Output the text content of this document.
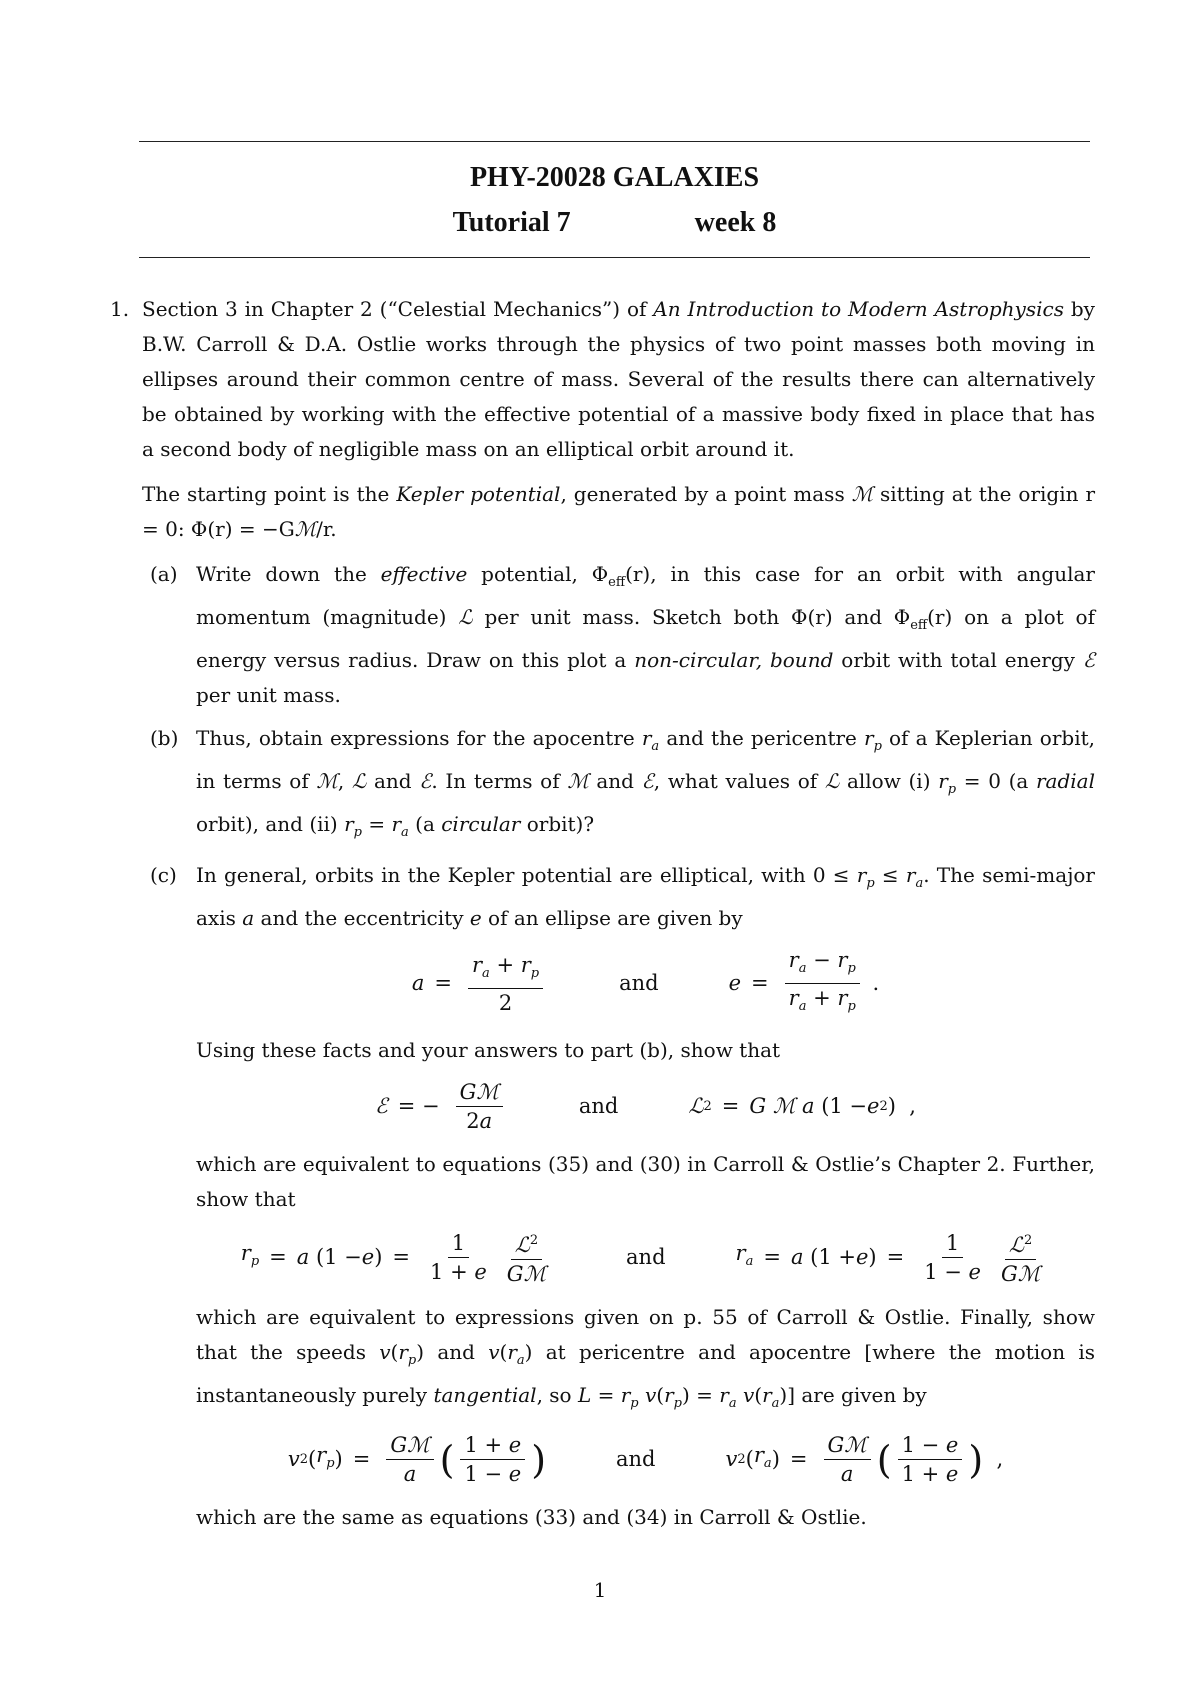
PHY-20028 GALAXIES
Tutorial 7	week 8
1. Section 3 in Chapter 2 (“Celestial Mechanics”) of An Introduction to Modern Astrophysics by B.W. Carroll & D.A. Ostlie works through the physics of two point masses both moving in ellipses around their common centre of mass. Several of the results there can alternatively be obtained by working with the effective potential of a massive body fixed in place that has a second body of negligible mass on an elliptical orbit around it.

The starting point is the Kepler potential, generated by a point mass ℳ sitting at the origin r = 0: Φ(r) = −Gℳ/r.

(a) Write down the effective potential, $\Phi_{eff}(r)$, in this case for an orbit with angular momentum (magnitude) ℒ per unit mass. Sketch both Φ(r) and $\Phi_{eff}(r)$ on a plot of energy versus radius. Draw on this plot a non-circular, bound orbit with total energy ℰ per unit mass.

(b) Thus, obtain expressions for the apocentre $r_a$ and the pericentre $r_p$ of a Keplerian orbit, in terms of ℳ, ℒ and ℰ. In terms of ℳ and ℰ, what values of ℒ allow (i) $r_p = 0$ (a radial orbit), and (ii) $r_p = r_a$ (a circular orbit)?

(c) In general, orbits in the Kepler potential are elliptical, with $0 \le r_p \le r_a$. The semi-major axis a and the eccentricity e of an ellipse are given by

$a = \frac{r_a + r_p}{2}$	and	$e = \frac{r_a - r_p}{r_a + r_p}$ .

Using these facts and your answers to part (b), show that

ℰ = − $\frac{\text{Gℳ}}{2a}$	and	ℒ 2 = G
ℳ
a (1 − e 2 )  ,

which are equivalent to equations (35) and (30) in Carroll & Ostlie’s Chapter 2. Further, show that

$r_p = a$ (1 − e ) = $\frac{1}{1 + e} \frac{ℒ^2}{\text{Gℳ}}$	and	$r_a = a$ (1 + e ) = $\frac{1}{1 - e} \frac{ℒ^2}{\text{Gℳ}}$

which are equivalent to expressions given on p. 55 of Carroll & Ostlie. Finally, show that the speeds $v(r_p)$ and $v(r_a)$ at pericentre and apocentre [where the motion is instantaneously purely tangential, so $L = r_p$ $v(r_p) = r_a$ $v(r_a)$] are given by

v 2 ( $r_p$ ) = $\frac{\text{Gℳ}}{a}$ ( $\frac{1 + e}{1 - e}$ )	and	v 2 ( $r_a$ ) = $\frac{\text{Gℳ}}{a}$ ( $\frac{1 - e}{1 + e}$ ) ,

which are the same as equations (33) and (34) in Carroll & Ostlie.

1
